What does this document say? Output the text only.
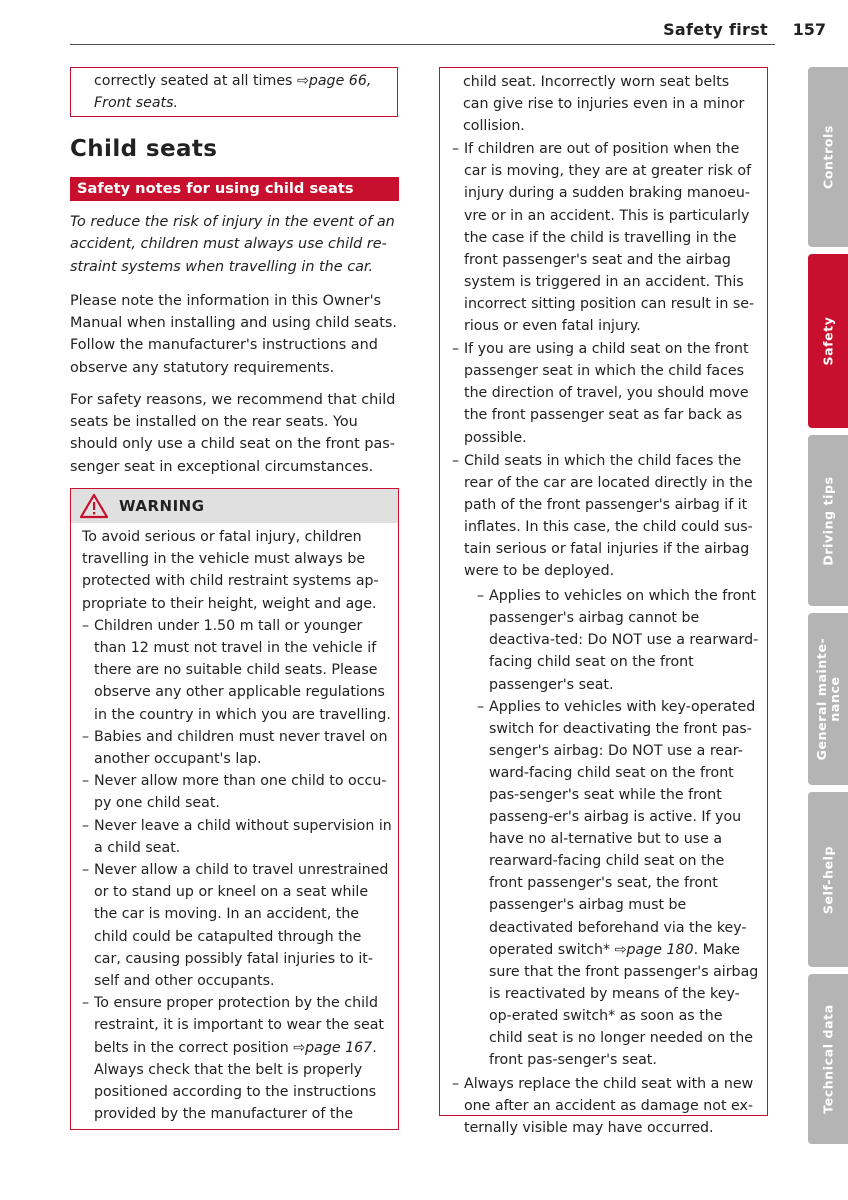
Safety first 157
correctly seated at all times ⇨page 66, Front seats.
Child seats
Safety notes for using child seats
To reduce the risk of injury in the event of an accident, children must always use child re-straint systems when travelling in the car.

Please note the information in this Owner's Manual when installing and using child seats. Follow the manufacturer's instructions and observe any statutory requirements.

For safety reasons, we recommend that child seats be installed on the rear seats. You should only use a child seat on the front pas-senger seat in exceptional circumstances.

WARNING

To avoid serious or fatal injury, children travelling in the vehicle must always be protected with child restraint systems ap-propriate to their height, weight and age.

– Children under 1.50 m tall or younger than 12 must not travel in the vehicle if there are no suitable child seats. Please observe any other applicable regulations in the country in which you are travelling.
– Babies and children must never travel on another occupant's lap.
– Never allow more than one child to occu-py one child seat.
– Never leave a child without supervision in a child seat.
– Never allow a child to travel unrestrained or to stand up or kneel on a seat while the car is moving. In an accident, the child could be catapulted through the car, causing possibly fatal injuries to it-self and other occupants.
– To ensure proper protection by the child restraint, it is important to wear the seat belts in the correct position ⇨page 167. Always check that the belt is properly positioned according to the instructions provided by the manufacturer of the

child seat. Incorrectly worn seat belts can give rise to injuries even in a minor collision.

– If children are out of position when the car is moving, they are at greater risk of injury during a sudden braking manoeu-vre or in an accident. This is particularly the case if the child is travelling in the front passenger's seat and the airbag system is triggered in an accident. This incorrect sitting position can result in se-rious or even fatal injury.
– If you are using a child seat on the front passenger seat in which the child faces the direction of travel, you should move the front passenger seat as far back as possible.
– Child seats in which the child faces the rear of the car are located directly in the path of the front passenger's airbag if it inflates. In this case, the child could sus-tain serious or fatal injuries if the airbag were to be deployed.
– Applies to vehicles on which the front passenger's airbag cannot be deactiva-ted: Do NOT use a rearward-facing child seat on the front passenger's seat.
– Applies to vehicles with key-operated switch for deactivating the front pas-senger's airbag: Do NOT use a rear-ward-facing child seat on the front pas-senger's seat while the front passeng-er's airbag is active. If you have no al-ternative but to use a rearward-facing child seat on the front passenger's seat, the front passenger's airbag must be deactivated beforehand via the key-operated switch* ⇨page 180. Make sure that the front passenger's airbag is reactivated by means of the key-op-erated switch* as soon as the child seat is no longer needed on the front pas-senger's seat.
– Always replace the child seat with a new one after an accident as damage not ex-ternally visible may have occurred.
Controls
Safety
Driving tips
General mainte-
nance
Self-help
Technical data
